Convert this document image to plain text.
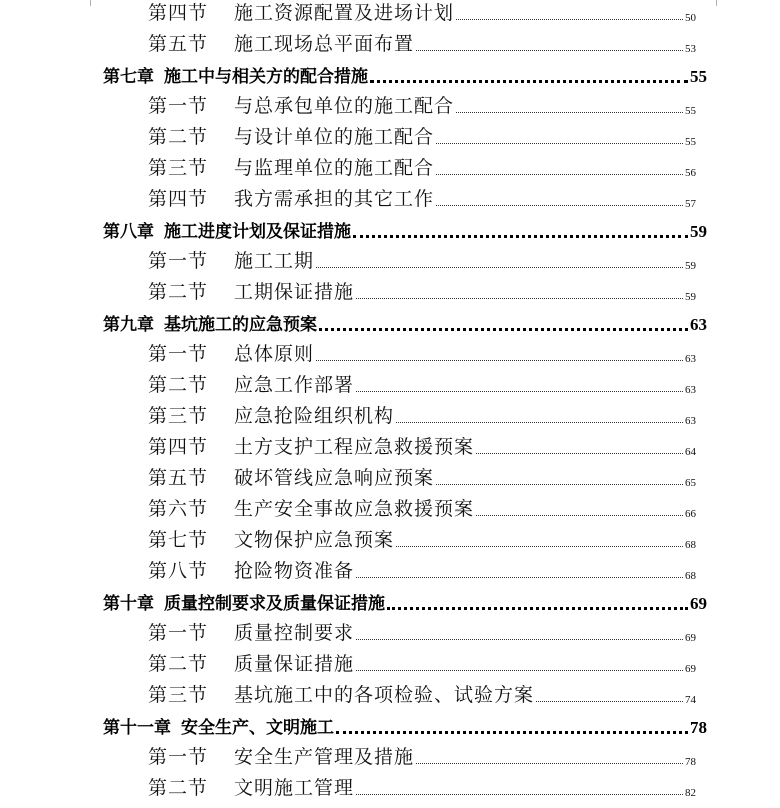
第四节	施工资源配置及进场计划	50
第五节	施工现场总平面布置	53
第七章 施工中与相关方的配合措施	55
第一节	与总承包单位的施工配合	55
第二节	与设计单位的施工配合	55
第三节	与监理单位的施工配合	56
第四节	我方需承担的其它工作	57
第八章 施工进度计划及保证措施	59
第一节	施工工期	59
第二节	工期保证措施	59
第九章 基坑施工的应急预案	63
第一节	总体原则	63
第二节	应急工作部署	63
第三节	应急抢险组织机构	63
第四节	土方支护工程应急救援预案	64
第五节	破坏管线应急响应预案	65
第六节	生产安全事故应急救援预案	66
第七节	文物保护应急预案	68
第八节	抢险物资准备	68
第十章 质量控制要求及质量保证措施	69
第一节	质量控制要求	69
第二节	质量保证措施	69
第三节	基坑施工中的各项检验、试验方案	74
第十一章 安全生产、文明施工	78
第一节	安全生产管理及措施	78
第二节	文明施工管理	82
